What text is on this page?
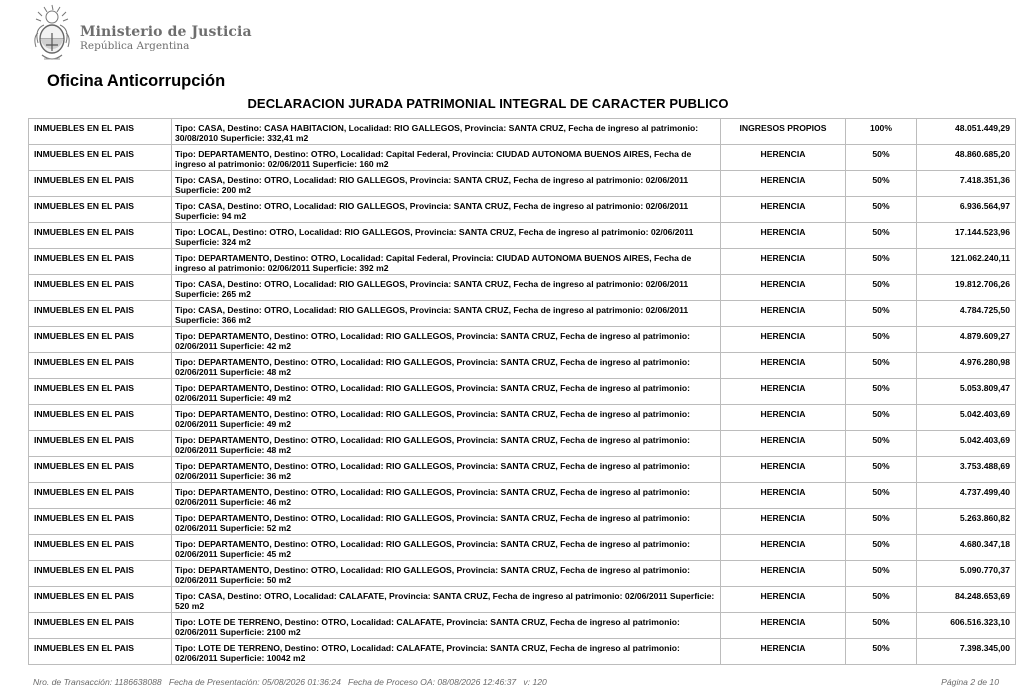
Ministerio de Justicia
República Argentina
Oficina Anticorrupción
DECLARACION JURADA PATRIMONIAL INTEGRAL DE CARACTER PUBLICO
INMUEBLES EN EL PAIS	Tipo: CASA, Destino: CASA HABITACION, Localidad: RIO GALLEGOS, Provincia: SANTA CRUZ, Fecha de ingreso al patrimonio: 30/08/2010 Superficie: 332,41 m2	INGRESOS PROPIOS	100%	48.051.449,29
INMUEBLES EN EL PAIS	Tipo: DEPARTAMENTO, Destino: OTRO, Localidad: Capital Federal, Provincia: CIUDAD AUTONOMA BUENOS AIRES, Fecha de ingreso al patrimonio: 02/06/2011 Superficie: 160 m2	HERENCIA	50%	48.860.685,20
INMUEBLES EN EL PAIS	Tipo: CASA, Destino: OTRO, Localidad: RIO GALLEGOS, Provincia: SANTA CRUZ, Fecha de ingreso al patrimonio: 02/06/2011 Superficie: 200 m2	HERENCIA	50%	7.418.351,36
INMUEBLES EN EL PAIS	Tipo: CASA, Destino: OTRO, Localidad: RIO GALLEGOS, Provincia: SANTA CRUZ, Fecha de ingreso al patrimonio: 02/06/2011 Superficie: 94 m2	HERENCIA	50%	6.936.564,97
INMUEBLES EN EL PAIS	Tipo: LOCAL, Destino: OTRO, Localidad: RIO GALLEGOS, Provincia: SANTA CRUZ, Fecha de ingreso al patrimonio: 02/06/2011 Superficie: 324 m2	HERENCIA	50%	17.144.523,96
INMUEBLES EN EL PAIS	Tipo: DEPARTAMENTO, Destino: OTRO, Localidad: Capital Federal, Provincia: CIUDAD AUTONOMA BUENOS AIRES, Fecha de ingreso al patrimonio: 02/06/2011 Superficie: 392 m2	HERENCIA	50%	121.062.240,11
INMUEBLES EN EL PAIS	Tipo: CASA, Destino: OTRO, Localidad: RIO GALLEGOS, Provincia: SANTA CRUZ, Fecha de ingreso al patrimonio: 02/06/2011 Superficie: 265 m2	HERENCIA	50%	19.812.706,26
INMUEBLES EN EL PAIS	Tipo: CASA, Destino: OTRO, Localidad: RIO GALLEGOS, Provincia: SANTA CRUZ, Fecha de ingreso al patrimonio: 02/06/2011 Superficie: 366 m2	HERENCIA	50%	4.784.725,50
INMUEBLES EN EL PAIS	Tipo: DEPARTAMENTO, Destino: OTRO, Localidad: RIO GALLEGOS, Provincia: SANTA CRUZ, Fecha de ingreso al patrimonio: 02/06/2011 Superficie: 42 m2	HERENCIA	50%	4.879.609,27
INMUEBLES EN EL PAIS	Tipo: DEPARTAMENTO, Destino: OTRO, Localidad: RIO GALLEGOS, Provincia: SANTA CRUZ, Fecha de ingreso al patrimonio: 02/06/2011 Superficie: 48 m2	HERENCIA	50%	4.976.280,98
INMUEBLES EN EL PAIS	Tipo: DEPARTAMENTO, Destino: OTRO, Localidad: RIO GALLEGOS, Provincia: SANTA CRUZ, Fecha de ingreso al patrimonio: 02/06/2011 Superficie: 49 m2	HERENCIA	50%	5.053.809,47
INMUEBLES EN EL PAIS	Tipo: DEPARTAMENTO, Destino: OTRO, Localidad: RIO GALLEGOS, Provincia: SANTA CRUZ, Fecha de ingreso al patrimonio: 02/06/2011 Superficie: 49 m2	HERENCIA	50%	5.042.403,69
INMUEBLES EN EL PAIS	Tipo: DEPARTAMENTO, Destino: OTRO, Localidad: RIO GALLEGOS, Provincia: SANTA CRUZ, Fecha de ingreso al patrimonio: 02/06/2011 Superficie: 48 m2	HERENCIA	50%	5.042.403,69
INMUEBLES EN EL PAIS	Tipo: DEPARTAMENTO, Destino: OTRO, Localidad: RIO GALLEGOS, Provincia: SANTA CRUZ, Fecha de ingreso al patrimonio: 02/06/2011 Superficie: 36 m2	HERENCIA	50%	3.753.488,69
INMUEBLES EN EL PAIS	Tipo: DEPARTAMENTO, Destino: OTRO, Localidad: RIO GALLEGOS, Provincia: SANTA CRUZ, Fecha de ingreso al patrimonio: 02/06/2011 Superficie: 46 m2	HERENCIA	50%	4.737.499,40
INMUEBLES EN EL PAIS	Tipo: DEPARTAMENTO, Destino: OTRO, Localidad: RIO GALLEGOS, Provincia: SANTA CRUZ, Fecha de ingreso al patrimonio: 02/06/2011 Superficie: 52 m2	HERENCIA	50%	5.263.860,82
INMUEBLES EN EL PAIS	Tipo: DEPARTAMENTO, Destino: OTRO, Localidad: RIO GALLEGOS, Provincia: SANTA CRUZ, Fecha de ingreso al patrimonio: 02/06/2011 Superficie: 45 m2	HERENCIA	50%	4.680.347,18
INMUEBLES EN EL PAIS	Tipo: DEPARTAMENTO, Destino: OTRO, Localidad: RIO GALLEGOS, Provincia: SANTA CRUZ, Fecha de ingreso al patrimonio: 02/06/2011 Superficie: 50 m2	HERENCIA	50%	5.090.770,37
INMUEBLES EN EL PAIS	Tipo: CASA, Destino: OTRO, Localidad: CALAFATE, Provincia: SANTA CRUZ, Fecha de ingreso al patrimonio: 02/06/2011 Superficie: 520 m2	HERENCIA	50%	84.248.653,69
INMUEBLES EN EL PAIS	Tipo: LOTE DE TERRENO, Destino: OTRO, Localidad: CALAFATE, Provincia: SANTA CRUZ, Fecha de ingreso al patrimonio: 02/06/2011 Superficie: 2100 m2	HERENCIA	50%	606.516.323,10
INMUEBLES EN EL PAIS	Tipo: LOTE DE TERRENO, Destino: OTRO, Localidad: CALAFATE, Provincia: SANTA CRUZ, Fecha de ingreso al patrimonio: 02/06/2011 Superficie: 10042 m2	HERENCIA	50%	7.398.345,00
Nro. de Transacción: 1186638088 Fecha de Presentación: 05/08/2026 01:36:24 Fecha de Proceso OA: 08/08/2026 12:46:37 v: 120	Página 2 de 10
